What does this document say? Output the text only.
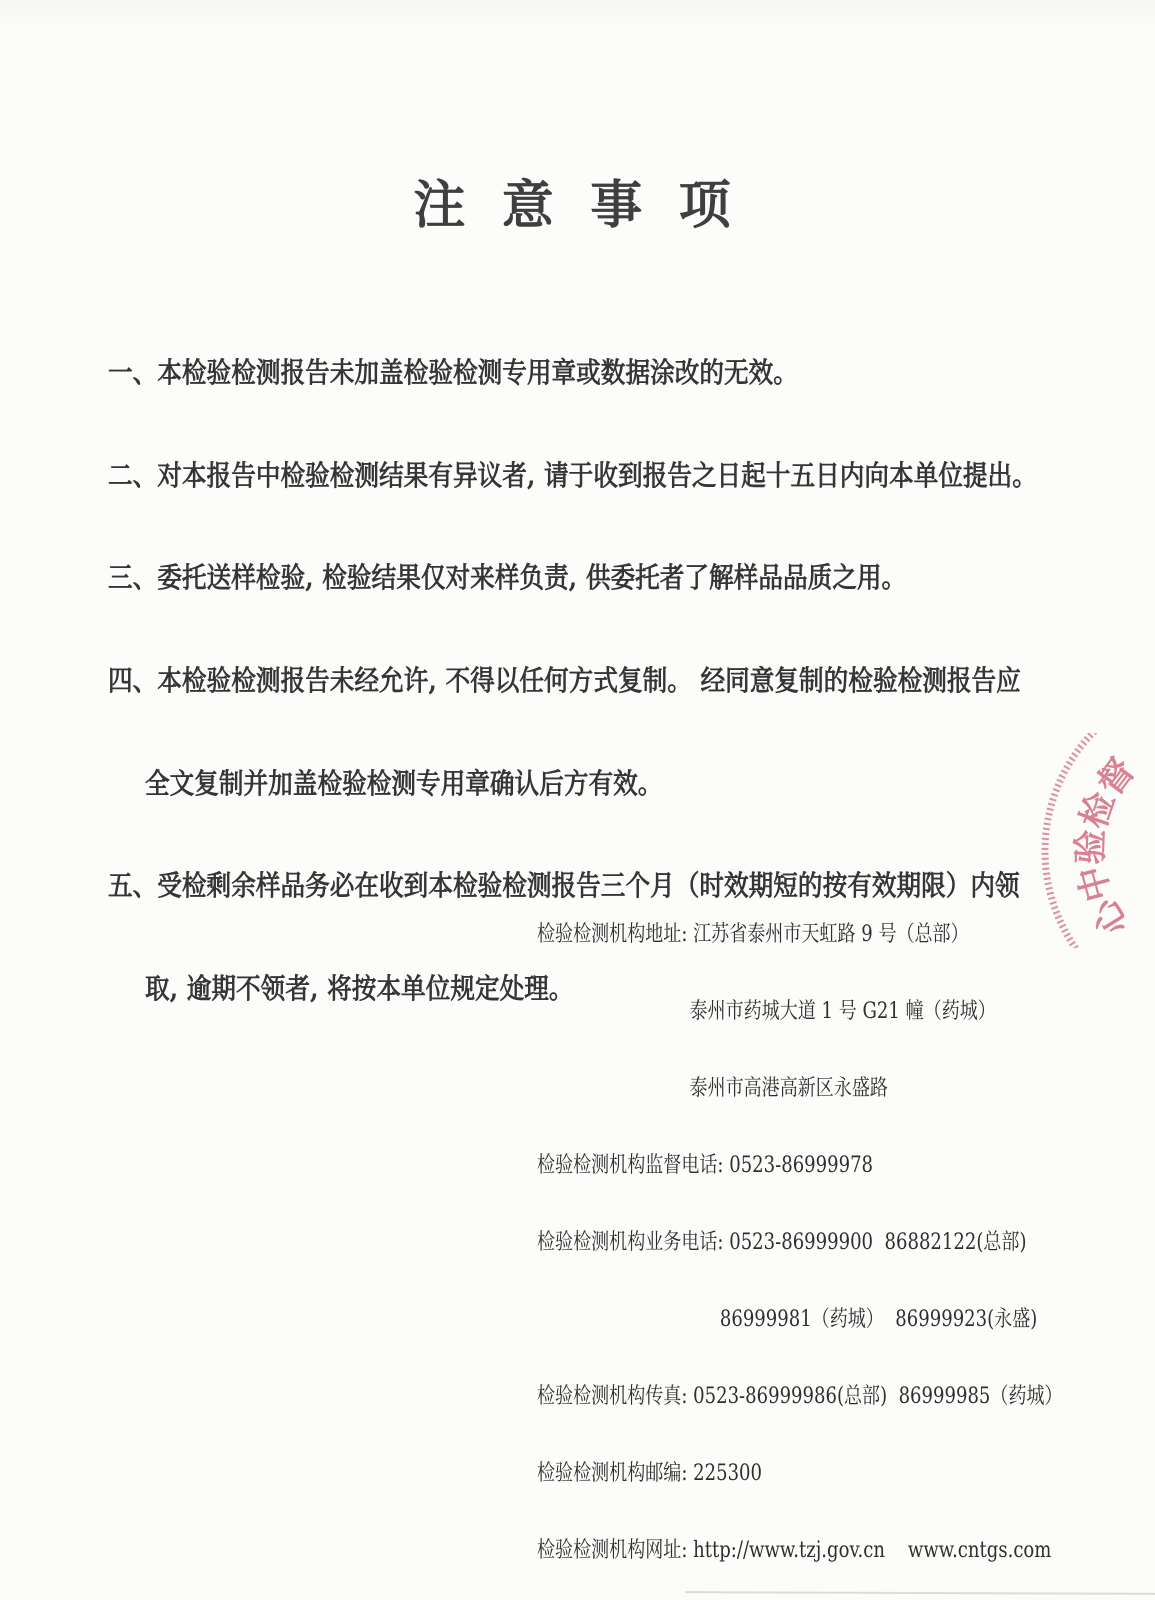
注 意 事 项

一、本检验检测报告未加盖检验检测专用章或数据涂改的无效。

二、对本报告中检验检测结果有异议者, 请于收到报告之日起十五日内向本单位提出。

三、委托送样检验, 检验结果仅对来样负责, 供委托者了解样品品质之用。

四、本检验检测报告未经允许, 不得以任何方式复制。 经同意复制的检验检测报告应

全文复制并加盖检验检测专用章确认后方有效。

五、受检剩余样品务必在收到本检验检测报告三个月（时效期短的按有效期限）内领

取, 逾期不领者, 将按本单位规定处理。

检验检测机构地址: 江苏省泰州市天虹路 9 号（总部）

泰州市药城大道 1 号 G21 幢（药城）

泰州市高港高新区永盛路

检验检测机构监督电话: 0523-86999978

检验检测机构业务电话: 0523-86999900  86882122(总部)

86999981（药城）  86999923(永盛)

检验检测机构传真: 0523-86999986(总部)  86999985（药城）

检验检测机构邮编: 225300

检验检测机构网址: http://www.tzj.gov.cn    www.cntgs.com

督
检
验
中
心
